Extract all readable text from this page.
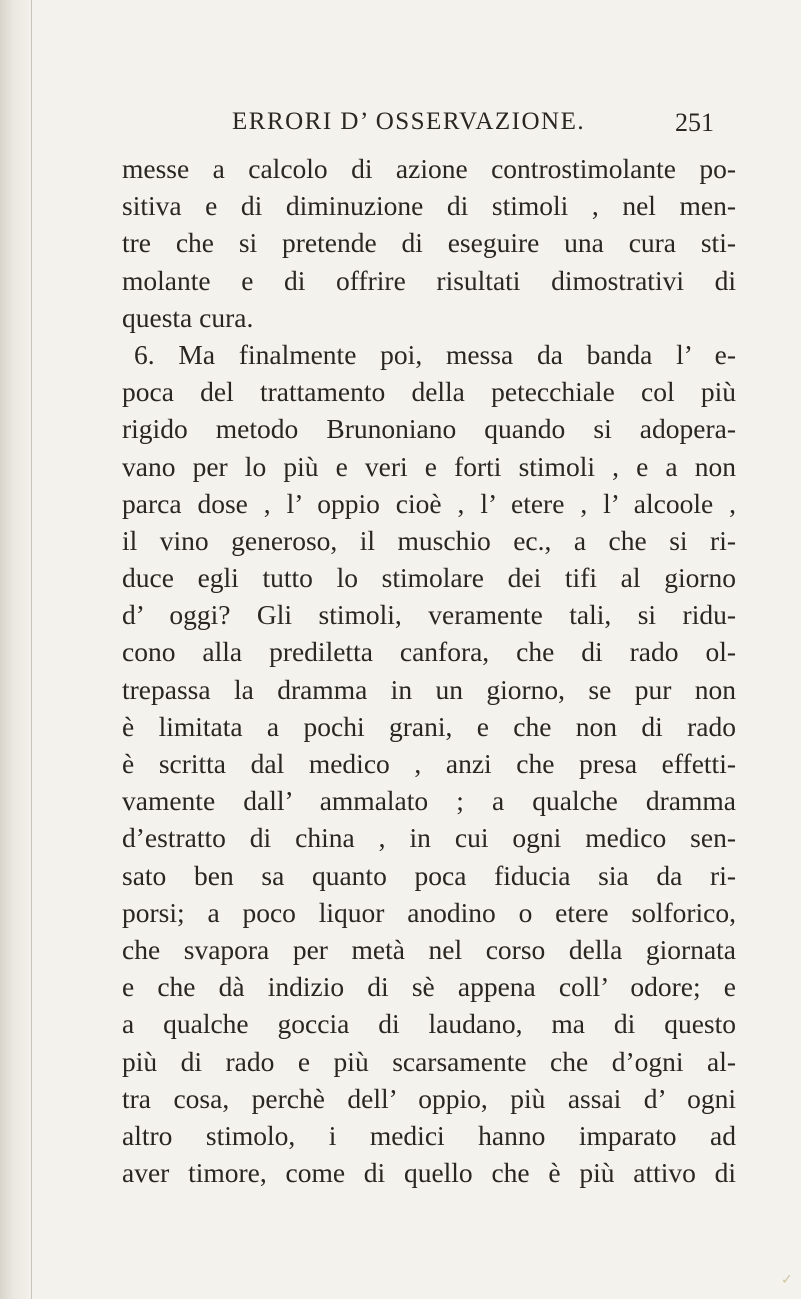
ERRORI D’ OSSERVAZIONE.	251
messe a calcolo di azione controstimolante po-
sitiva e di diminuzione di stimoli , nel men-
tre che si pretende di eseguire una cura sti-
molante e di offrire risultati dimostrativi di
questa cura.
6. Ma finalmente poi, messa da banda l’ e-
poca del trattamento della petecchiale col più
rigido metodo Brunoniano quando si adopera-
vano per lo più e veri e forti stimoli , e a non
parca dose , l’ oppio cioè , l’ etere , l’ alcoole ,
il vino generoso, il muschio ec., a che si ri-
duce egli tutto lo stimolare dei tifi al giorno
d’ oggi? Gli stimoli, veramente tali, si ridu-
cono alla prediletta canfora, che di rado ol-
trepassa la dramma in un giorno, se pur non
è limitata a pochi grani, e che non di rado
è scritta dal medico , anzi che presa effetti-
vamente dall’ ammalato ; a qualche dramma
d’estratto di china , in cui ogni medico sen-
sato ben sa quanto poca fiducia sia da ri-
porsi; a poco liquor anodino o etere solforico,
che svapora per metà nel corso della giornata
e che dà indizio di sè appena coll’ odore; e
a qualche goccia di laudano, ma di questo
più di rado e più scarsamente che d’ogni al-
tra cosa, perchè dell’ oppio, più assai d’ ogni
altro stimolo, i medici hanno imparato ad
aver timore, come di quello che è più attivo di
✓
